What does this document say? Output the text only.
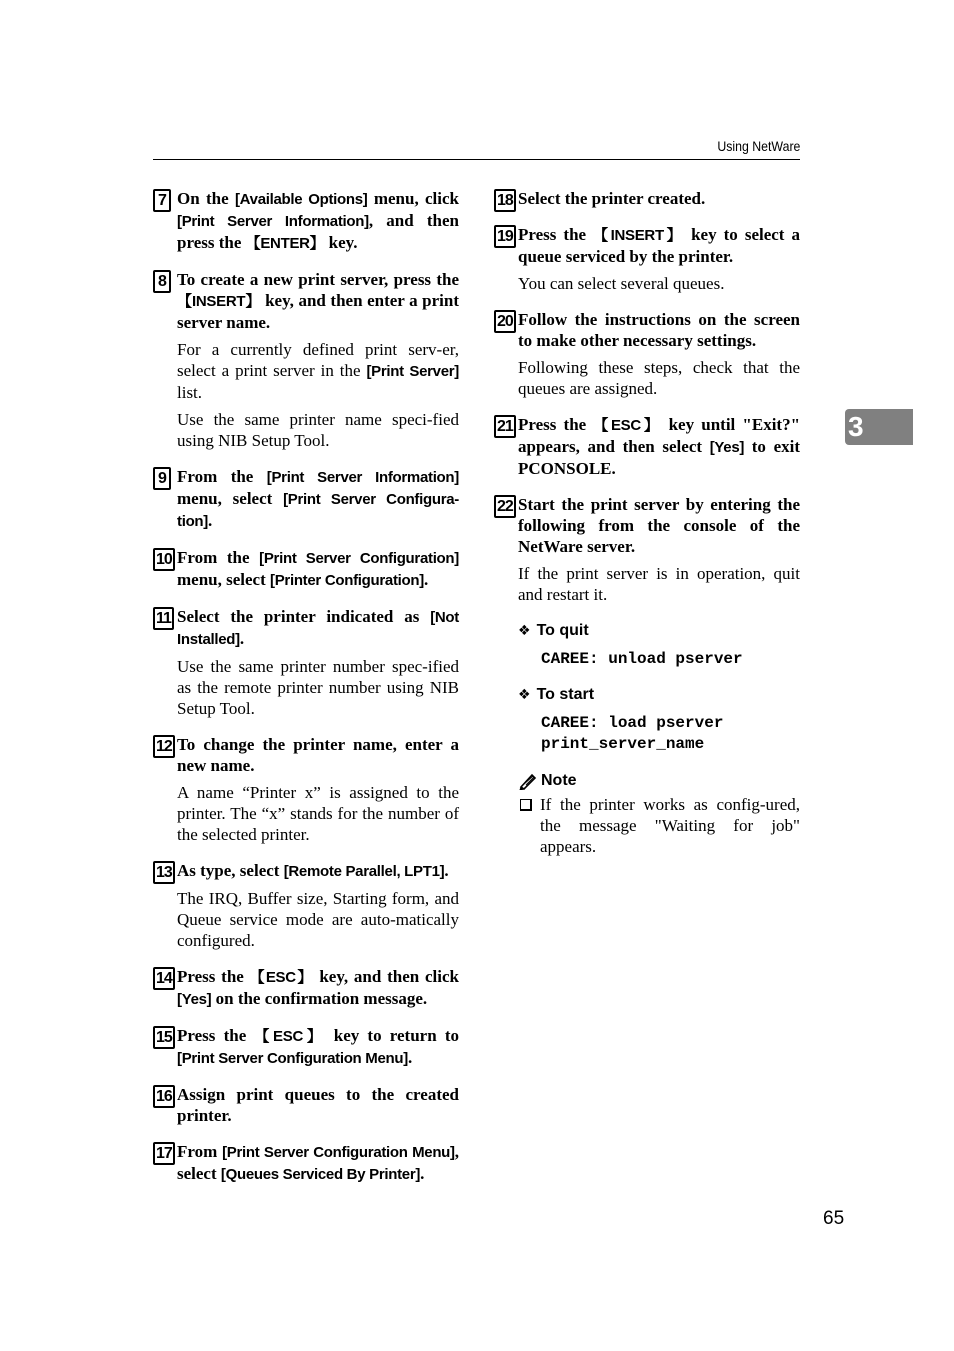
Using NetWare
7 On the [Available Options] menu, click [Print Server Information], and then press the 【ENTER】 key.
8 To create a new print server, press the 【INSERT】 key, and then enter a print server name.
For a currently defined print serv-er, select a print server in the [Print Server] list.
Use the same printer name speci-fied using NIB Setup Tool.
9 From the [Print Server Information] menu, select [Print Server Configura-tion].
10 From the [Print Server Configuration] menu, select [Printer Configuration].
11 Select the printer indicated as [Not Installed].
Use the same printer number spec-ified as the remote printer number using NIB Setup Tool.
12 To change the printer name, enter a new name.
A name “Printer x” is assigned to the printer. The “x” stands for the number of the selected printer.
13 As type, select [Remote Parallel, LPT1].
The IRQ, Buffer size, Starting form, and Queue service mode are auto-matically configured.
14 Press the 【ESC】 key, and then click [Yes] on the confirmation message.
15 Press the 【ESC】 key to return to [Print Server Configuration Menu].
16 Assign print queues to the created printer.
17 From [Print Server Configuration Menu], select [Queues Serviced By Printer].
18 Select the printer created.
19 Press the 【INSERT】 key to select a queue serviced by the printer.
You can select several queues.
20 Follow the instructions on the screen to make other necessary settings.
Following these steps, check that the queues are assigned.
21 Press the 【ESC】 key until "Exit?" appears, and then select [Yes] to exit PCONSOLE.
22 Start the print server by entering the following from the console of the NetWare server.
If the print server is in operation, quit and restart it.
❖ To quit
CAREE: unload pserver
❖ To start
CAREE: load pserver
print_server_name
Note
If the printer works as config-ured, the message "Waiting for job" appears.
3
65
